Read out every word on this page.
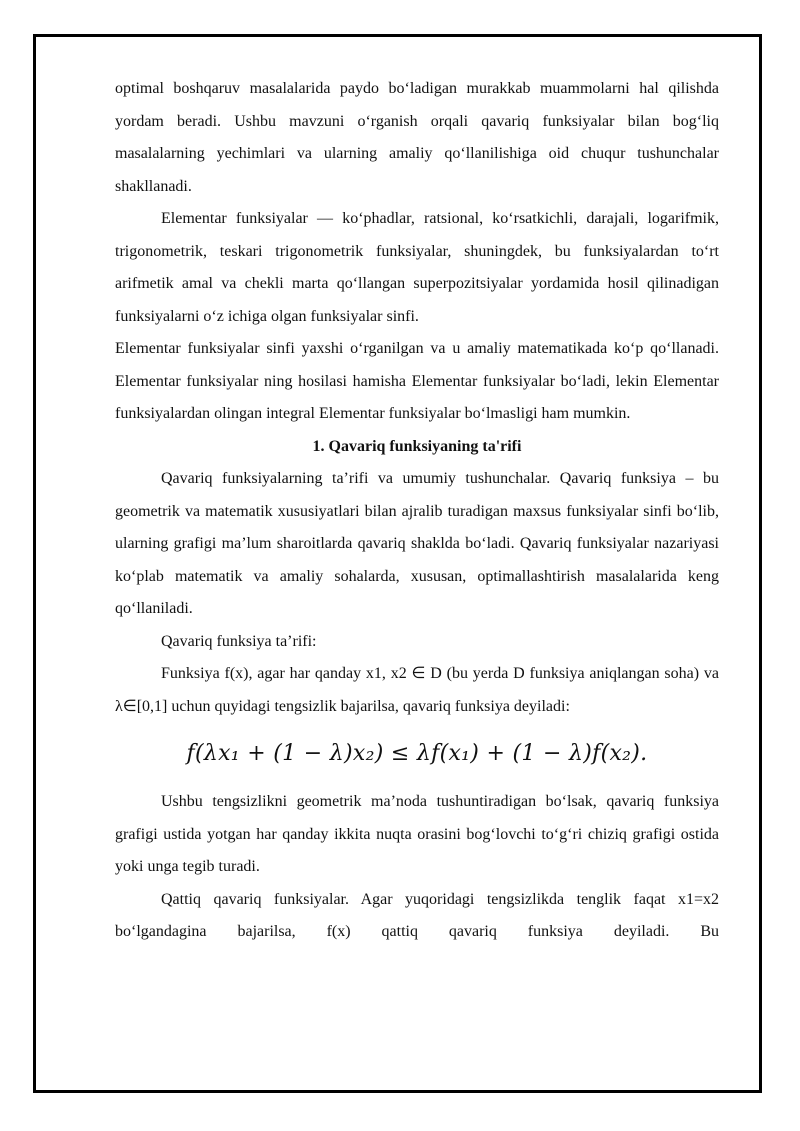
optimal boshqaruv masalalarida paydo bo‘ladigan murakkab muammolarni hal qilishda yordam beradi. Ushbu mavzuni o‘rganish orqali qavariq funksiyalar bilan bog‘liq masalalarning yechimlari va ularning amaliy qo‘llanilishiga oid chuqur tushunchalar shakllanadi.

Elementar funksiyalar — ko‘phadlar, ratsional, ko‘rsatkichli, darajali, logarifmik, trigonometrik, teskari trigonometrik funksiyalar, shuningdek, bu funksiyalardan to‘rt arifmetik amal va chekli marta qo‘llangan superpozitsiyalar yordamida hosil qilinadigan funksiyalarni o‘z ichiga olgan funksiyalar sinfi.

Elementar funksiyalar sinfi yaxshi o‘rganilgan va u amaliy matematikada ko‘p qo‘llanadi. Elementar funksiyalar ning hosilasi hamisha Elementar funksiyalar bo‘ladi, lekin Elementar funksiyalardan olingan integral Elementar funksiyalar bo‘lmasligi ham mumkin.

1. Qavariq funksiyaning ta'rifi

Qavariq funksiyalarning ta’rifi va umumiy tushunchalar. Qavariq funksiya – bu geometrik va matematik xususiyatlari bilan ajralib turadigan maxsus funksiyalar sinfi bo‘lib, ularning grafigi ma’lum sharoitlarda qavariq shaklda bo‘ladi. Qavariq funksiyalar nazariyasi ko‘plab matematik va amaliy sohalarda, xususan, optimallashtirish masalalarida keng qo‘llaniladi.

Qavariq funksiya ta’rifi:

Funksiya f(x), agar har qanday x1, x2 ∈ D (bu yerda D funksiya aniqlangan soha) va λ∈[0,1] uchun quyidagi tengsizlik bajarilsa, qavariq funksiya deyiladi:

f(λx₁ + (1 − λ)x₂) ≤ λf(x₁) + (1 − λ)f(x₂).

Ushbu tengsizlikni geometrik ma’noda tushuntiradigan bo‘lsak, qavariq funksiya grafigi ustida yotgan har qanday ikkita nuqta orasini bog‘lovchi to‘g‘ri chiziq grafigi ostida yoki unga tegib turadi.

Qattiq qavariq funksiyalar. Agar yuqoridagi tengsizlikda tenglik faqat x1=x2 bo‘lgandagina bajarilsa, f(x) qattiq qavariq funksiya deyiladi. Bu
